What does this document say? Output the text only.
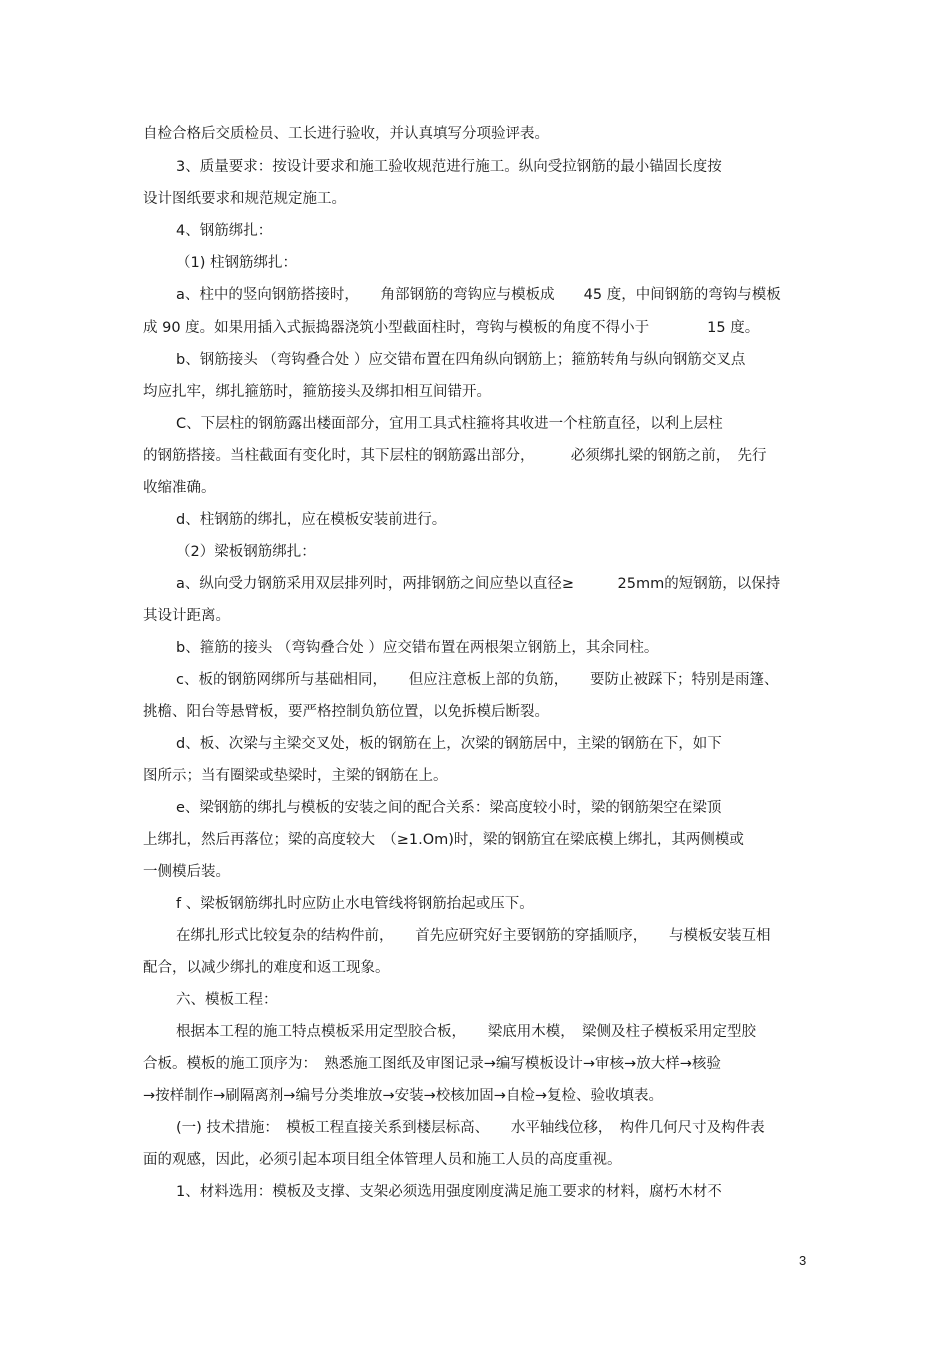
自检合格后交质检员、工长进行验收，并认真填写分项验评表。

3、质量要求：按设计要求和施工验收规范进行施工。纵向受拉钢筋的最小锚固长度按

设计图纸要求和规范规定施工。

4、钢筋绑扎：

（1) 柱钢筋绑扎：

a、柱中的竖向钢筋搭接时，　　角部钢筋的弯钩应与模板成　　45 度，中间钢筋的弯钩与模板

成 90 度。如果用插入式振捣器浇筑小型截面柱时，弯钩与模板的角度不得小于　　　　15 度。

b、钢筋接头 （弯钩叠合处 ）应交错布置在四角纵向钢筋上；箍筋转角与纵向钢筋交叉点

均应扎牢，绑扎箍筋时，箍筋接头及绑扣相互间错开。

C、下层柱的钢筋露出楼面部分，宜用工具式柱箍将其收进一个柱筋直径，以利上层柱

的钢筋搭接。当柱截面有变化时，其下层柱的钢筋露出部分，　　　必须绑扎梁的钢筋之前，　先行

收缩准确。

d、柱钢筋的绑扎，应在模板安装前进行。

（2）梁板钢筋绑扎：

a、纵向受力钢筋采用双层排列时，两排钢筋之间应垫以直径≥　　　25mm的短钢筋，以保持

其设计距离。

b、箍筋的接头 （弯钩叠合处 ）应交错布置在两根架立钢筋上，其余同柱。

c、板的钢筋网绑所与基础相同，　　但应注意板上部的负筋，　　要防止被踩下；特别是雨篷、

挑檐、阳台等悬臂板，要严格控制负筋位置，以免拆模后断裂。

d、板、次梁与主梁交叉处，板的钢筋在上，次梁的钢筋居中，主梁的钢筋在下，如下

图所示；当有圈梁或垫梁时，主梁的钢筋在上。

e、梁钢筋的绑扎与模板的安装之间的配合关系：梁高度较小时，梁的钢筋架空在梁顶

上绑扎，然后再落位；梁的高度较大　（≥1.Om)时，梁的钢筋宜在梁底模上绑扎，其两侧模或

一侧模后装。

f 、梁板钢筋绑扎时应防止水电管线将钢筋抬起或压下。

在绑扎形式比较复杂的结构件前，　　首先应研究好主要钢筋的穿插顺序，　　与模板安装互相

配合，以减少绑扎的难度和返工现象。

六、模板工程：

根据本工程的施工特点模板采用定型胶合板，　　梁底用木模，　梁侧及柱子模板采用定型胶

合板。模板的施工顶序为：　熟悉施工图纸及审图记录→编写模板设计→审核→放大样→核验

→按样制作→刷隔离剂→编号分类堆放→安装→校核加固→自检→复检、验收填表。

(一) 技术措施：　模板工程直接关系到楼层标高、　　水平轴线位移，　构件几何尺寸及构件表

面的观感，因此，必须引起本项目组全体管理人员和施工人员的高度重视。

1、材料选用：模板及支撑、支架必须选用强度刚度满足施工要求的材料，腐朽木材不

3
